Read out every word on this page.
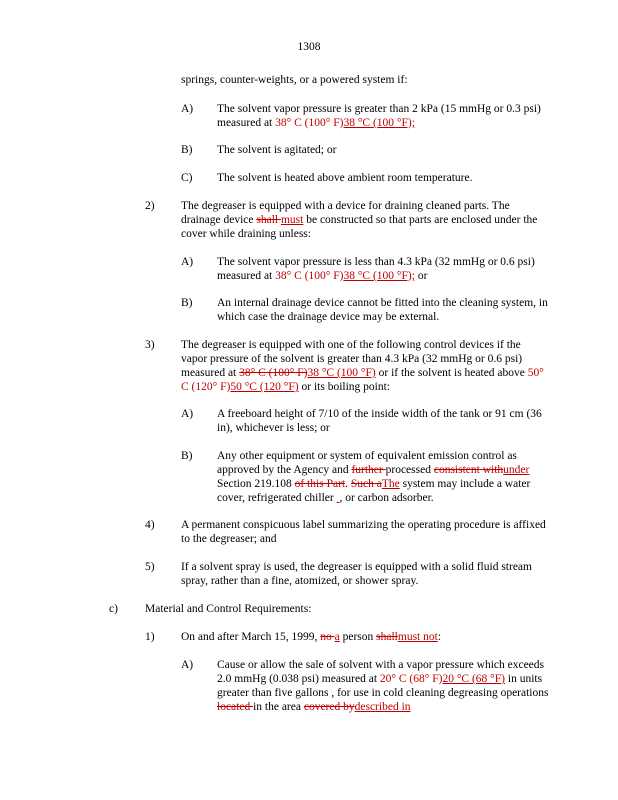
1308
springs, counter-weights, or a powered system if:
A) The solvent vapor pressure is greater than 2 kPa (15 mmHg or 0.3 psi) measured at 38° C (100° F)38 °C (100 °F);
B) The solvent is agitated; or
C) The solvent is heated above ambient room temperature.
2) The degreaser is equipped with a device for draining cleaned parts. The drainage device shall must be constructed so that parts are enclosed under the cover while draining unless:
A) The solvent vapor pressure is less than 4.3 kPa (32 mmHg or 0.6 psi) measured at 38° C (100° F)38 °C (100 °F); or
B) An internal drainage device cannot be fitted into the cleaning system, in which case the drainage device may be external.
3) The degreaser is equipped with one of the following control devices if the vapor pressure of the solvent is greater than 4.3 kPa (32 mmHg or 0.6 psi) measured at 38° C (100° F)38 °C (100 °F) or if the solvent is heated above 50° C (120° F)50 °C (120 °F) or its boiling point:
A) A freeboard height of 7/10 of the inside width of the tank or 91 cm (36 in), whichever is less; or
B) Any other equipment or system of equivalent emission control as approved by the Agency and further processed consistent withunder Section 219.108 of this Part. Such aThe system may include a water cover, refrigerated chiller  , or carbon adsorber.
4) A permanent conspicuous label summarizing the operating procedure is affixed to the degreaser; and
5) If a solvent spray is used, the degreaser is equipped with a solid fluid stream spray, rather than a fine, atomized, or shower spray.
c) Material and Control Requirements:
1) On and after March 15, 1999, no a person shallmust not:
A) Cause or allow the sale of solvent with a vapor pressure which exceeds 2.0 mmHg (0.038 psi) measured at 20° C (68° F)20 °C (68 °F) in units greater than five gallons , for use in cold cleaning degreasing operations located in the area covered bydescribed in
